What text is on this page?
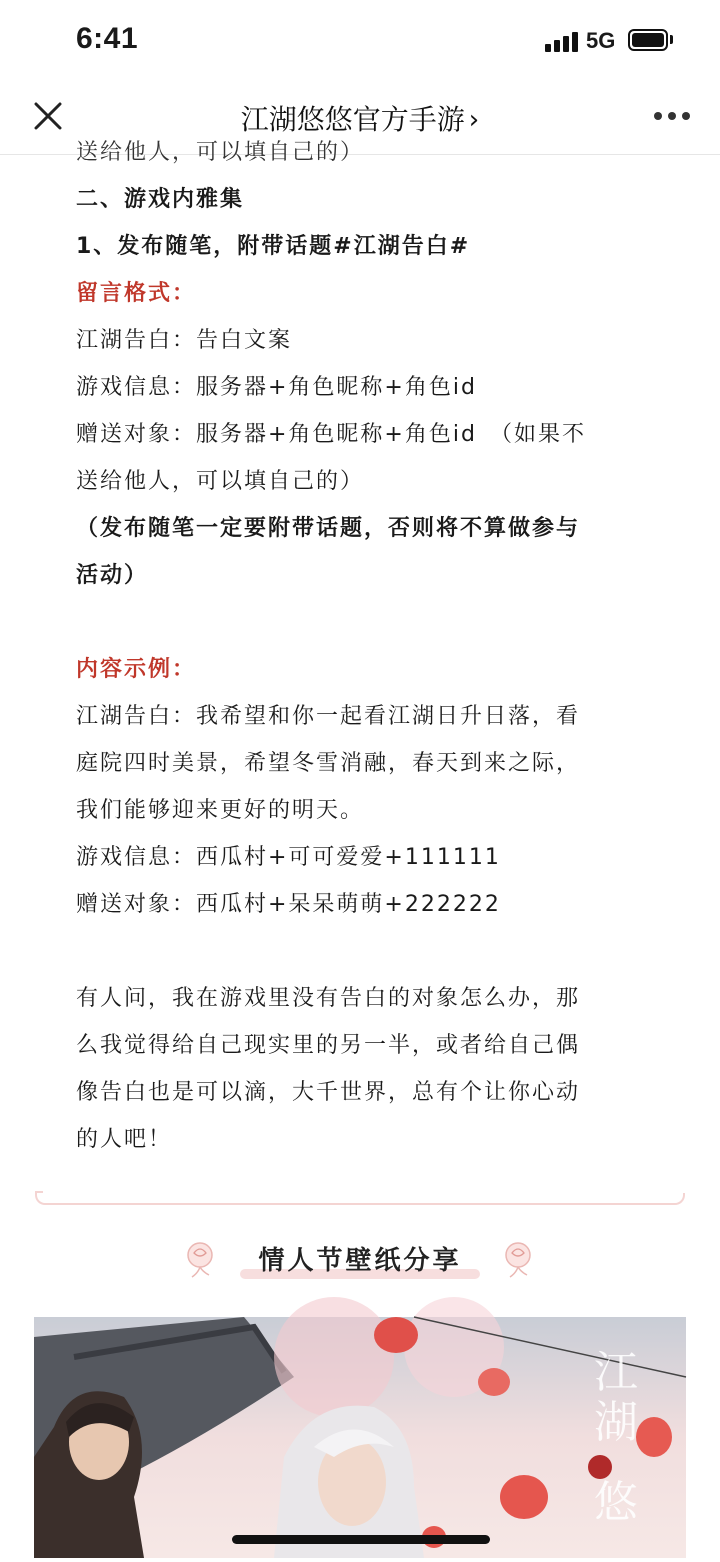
6:41	5G
江湖悠悠官方手游 ›
送给他人，可以填自己的）
二、游戏内雅集
1、发布随笔，附带话题#江湖告白#
留言格式：
江湖告白：告白文案
游戏信息：服务器+角色昵称+角色id
赠送对象：服务器+角色昵称+角色id　（如果不
送给他人，可以填自己的）
（发布随笔一定要附带话题，否则将不算做参与
活动）
内容示例：
江湖告白：我希望和你一起看江湖日升日落，看
庭院四时美景，希望冬雪消融，春天到来之际，
我们能够迎来更好的明天。
游戏信息：西瓜村+可可爱爱+111111
赠送对象：西瓜村+呆呆萌萌+222222
有人问，我在游戏里没有告白的对象怎么办，那
么我觉得给自己现实里的另一半，或者给自己偶
像告白也是可以滴，大千世界，总有个让你心动
的人吧！
情人节壁纸分享
江
湖
悠
